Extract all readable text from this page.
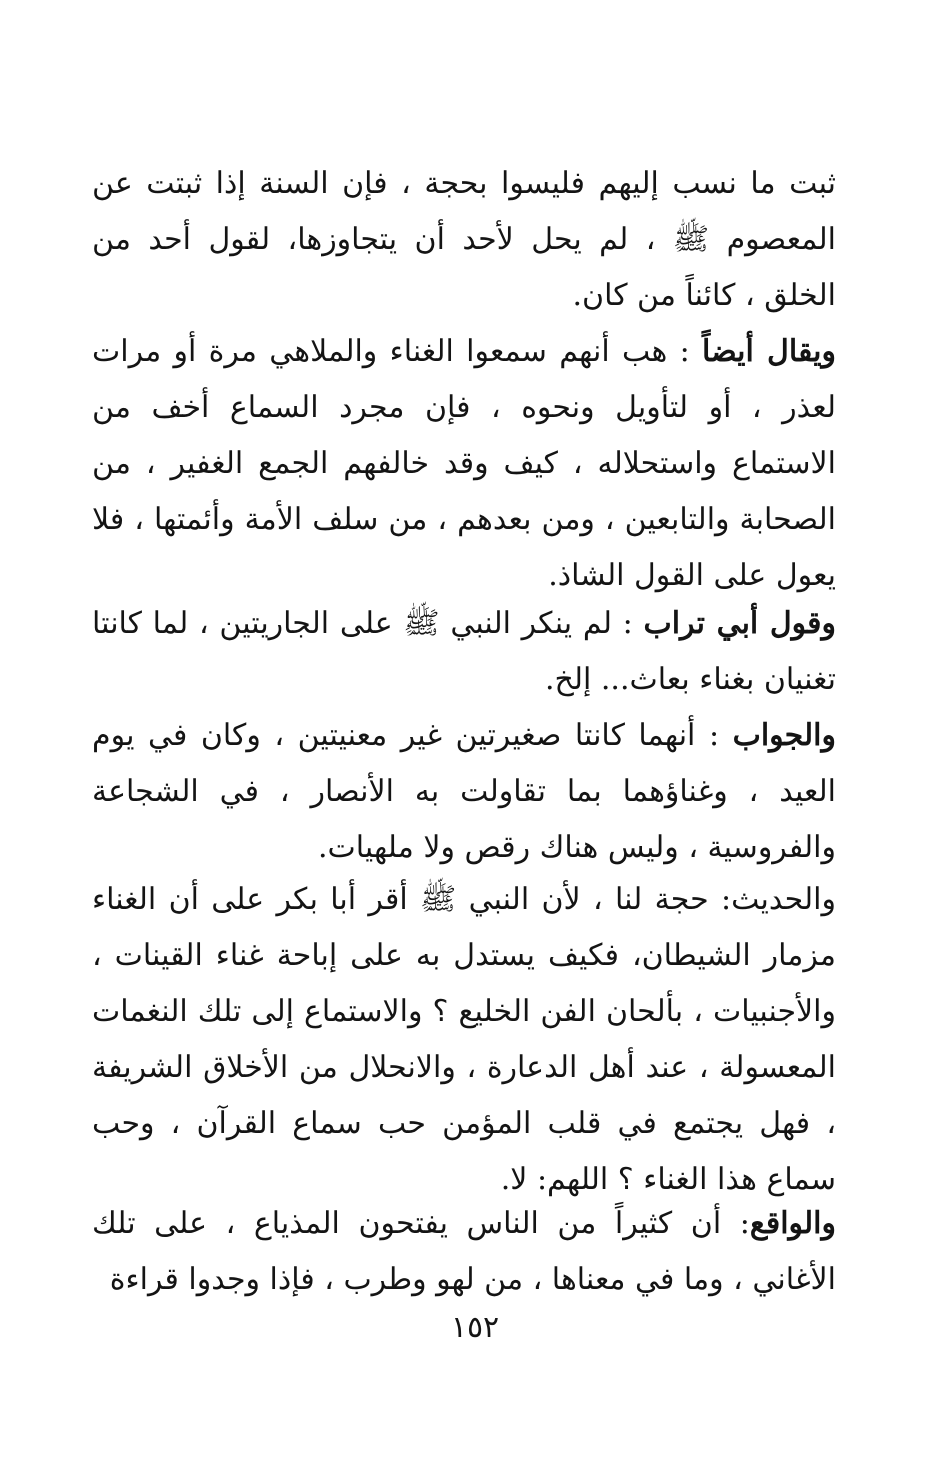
ثبت ما نسب إليهم فليسوا بحجة ، فإن السنة إذا ثبتت عن المعصوم ﷺ ، لم يحل لأحد أن يتجاوزها، لقول أحد من الخلق ، كائناً من كان.

ويقال أيضاً : هب أنهم سمعوا الغناء والملاهي مرة أو مرات لعذر ، أو لتأويل ونحوه ، فإن مجرد السماع أخف من الاستماع واستحلاله ، كيف وقد خالفهم الجمع الغفير ، من الصحابة والتابعين ، ومن بعدهم ، من سلف الأمة وأئمتها ، فلا يعول على القول الشاذ.

وقول أبي تراب : لم ينكر النبي ﷺ على الجاريتين ، لما كانتا تغنيان بغناء بعاث... إلخ.

والجواب : أنهما كانتا صغيرتين غير معنيتين ، وكان في يوم العيد ، وغناؤهما بما تقاولت به الأنصار ، في الشجاعة والفروسية ، وليس هناك رقص ولا ملهيات.

والحديث: حجة لنا ، لأن النبي ﷺ أقر أبا بكر على أن الغناء مزمار الشيطان، فكيف يستدل به على إباحة غناء القينات ، والأجنبيات ، بألحان الفن الخليع ؟ والاستماع إلى تلك النغمات المعسولة ، عند أهل الدعارة ، والانحلال من الأخلاق الشريفة ، فهل يجتمع في قلب المؤمن حب سماع القرآن ، وحب سماع هذا الغناء ؟ اللهم: لا.

والواقع: أن كثيراً من الناس يفتحون المذياع ، على تلك الأغاني ، وما في معناها ، من لهو وطرب ، فإذا وجدوا قراءة

١٥٢
